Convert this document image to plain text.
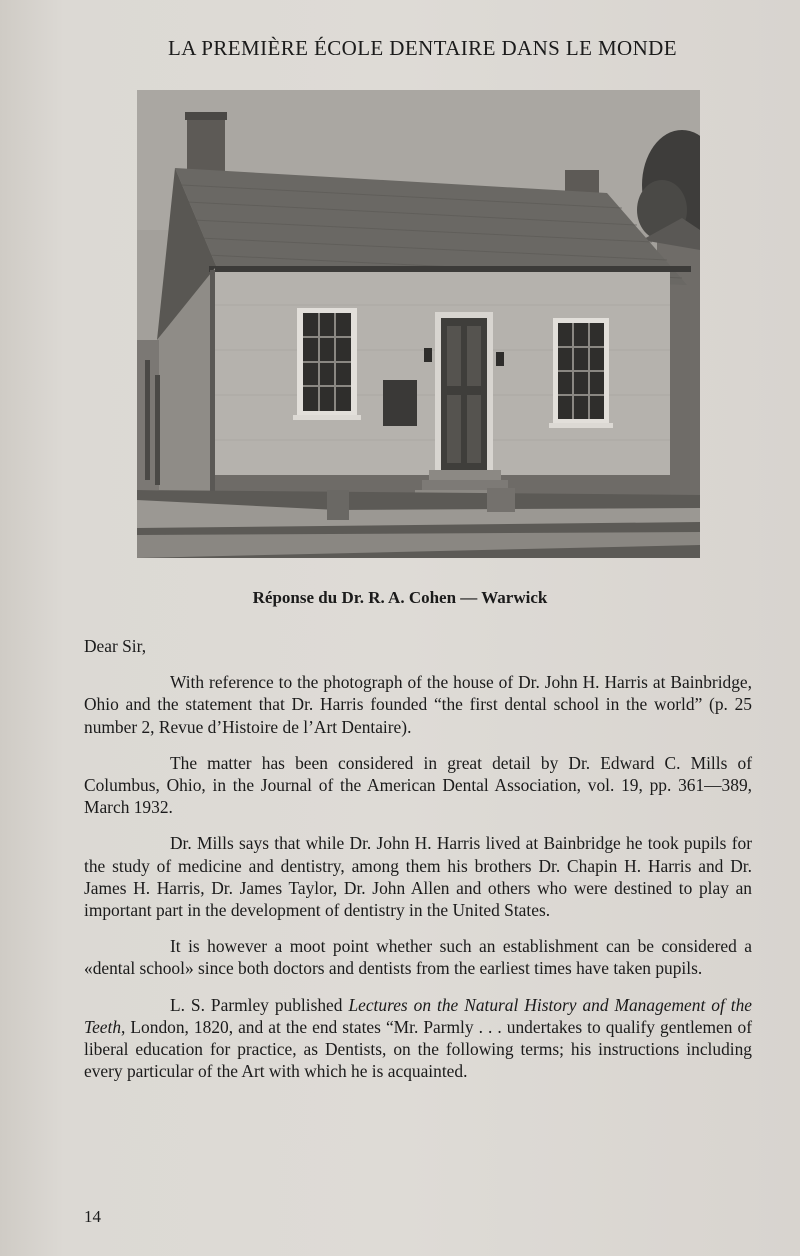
LA PREMIÈRE ÉCOLE DENTAIRE DANS LE MONDE
Réponse du Dr. R. A. Cohen — Warwick

Dear Sir,

With reference to the photograph of the house of Dr. John H. Harris at Bainbridge, Ohio and the statement that Dr. Harris founded “the first dental school in the world” (p. 25 number 2, Revue d’Histoire de l’Art Dentaire).

The matter has been considered in great detail by Dr. Edward C. Mills of Columbus, Ohio, in the Journal of the American Dental Association, vol. 19, pp. 361—389, March 1932.

Dr. Mills says that while Dr. John H. Harris lived at Bainbridge he took pupils for the study of medicine and dentistry, among them his brothers Dr. Chapin H. Harris and Dr. James H. Harris, Dr. James Taylor, Dr. John Allen and others who were destined to play an important part in the development of dentistry in the United States.

It is however a moot point whether such an establishment can be considered a «dental school» since both doctors and dentists from the earliest times have taken pupils.

L. S. Parmley published Lectures on the Natural History and Management of the Teeth, London, 1820, and at the end states “Mr. Parmly . . . undertakes to qualify gentlemen of liberal education for practice, as Dentists, on the following terms; his instructions including every particular of the Art with which he is acquainted.

14
